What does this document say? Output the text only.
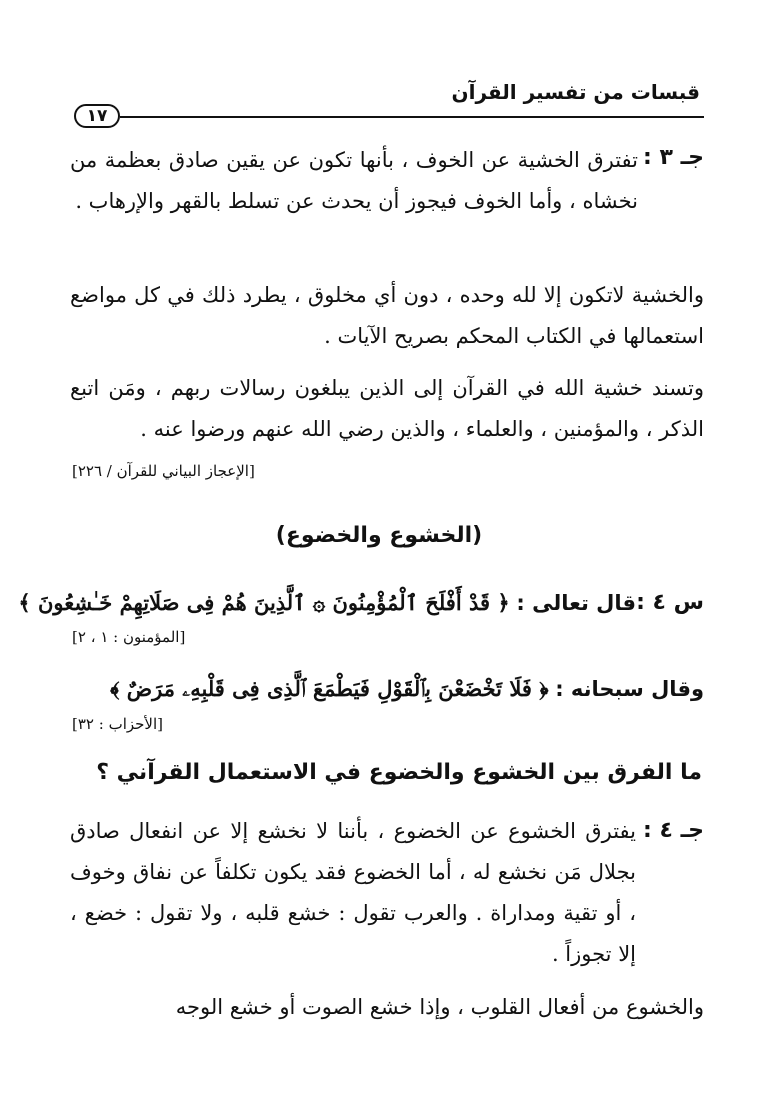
قبسات من تفسير القرآن
١٧
جـ ٣ :
تفترق الخشية عن الخوف ، بأنها تكون عن يقين صادق بعظمة من نخشاه ، وأما الخوف فيجوز أن يحدث عن تسلط بالقهر والإرهاب .
والخشية لاتكون إلا لله وحده ، دون أي مخلوق ، يطرد ذلك في كل مواضع استعمالها في الكتاب المحكم بصريح الآيات .
وتسند خشية الله في القرآن إلى الذين يبلغون رسالات ربهم ، ومَن اتبع الذكر ، والمؤمنين ، والعلماء ، والذين رضي الله عنهم ورضوا عنه .
[الإعجاز البياني للقرآن / ٢٢٦]
(الخشوع والخضوع)
س ٤ :
قال تعالى : ﴿ قَدْ أَفْلَحَ ٱلْمُؤْمِنُونَ ۞ ٱلَّذِينَ هُمْ فِى صَلَاتِهِمْ خَـٰشِعُونَ ﴾
[المؤمنون : ١ ، ٢]
وقال سبحانه : ﴿ فَلَا تَخْضَعْنَ بِٱلْقَوْلِ فَيَطْمَعَ ٱلَّذِى فِى قَلْبِهِۦ مَرَضٌ ﴾
[الأحزاب : ٣٢]
ما الفرق بين الخشوع والخضوع في الاستعمال القرآني ؟
جـ ٤ :
يفترق الخشوع عن الخضوع ، بأننا لا نخشع إلا عن انفعال صادق بجلال مَن نخشع له ، أما الخضوع فقد يكون تكلفاً عن نفاق وخوف ، أو تقية ومداراة . والعرب تقول : خشع قلبه ، ولا تقول : خضع ، إلا تجوزاً .
والخشوع من أفعال القلوب ، وإذا خشع الصوت أو خشع الوجه
